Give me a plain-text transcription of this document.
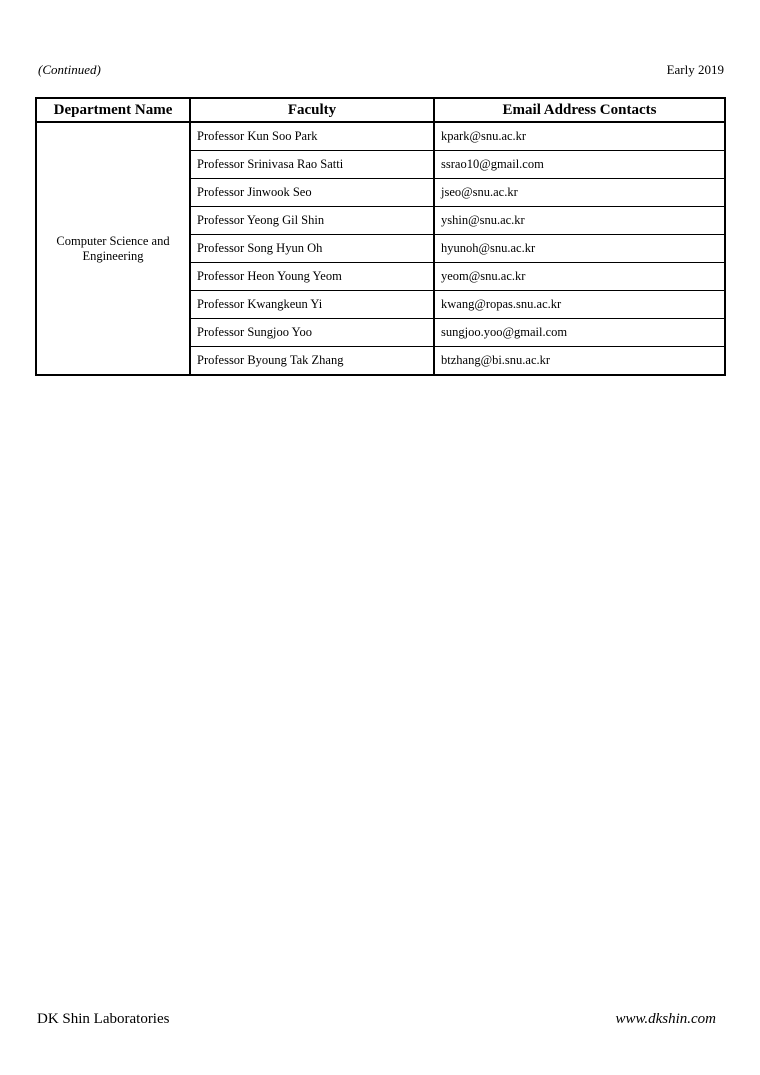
(Continued)	Early 2019
Department Name	Faculty	Email Address Contacts
Computer Science and Engineering	Professor Kun Soo Park	kpark@snu.ac.kr
	Professor Srinivasa Rao Satti	ssrao10@gmail.com
	Professor Jinwook Seo	jseo@snu.ac.kr
	Professor Yeong Gil Shin	yshin@snu.ac.kr
	Professor Song Hyun Oh	hyunoh@snu.ac.kr
	Professor Heon Young Yeom	yeom@snu.ac.kr
	Professor Kwangkeun Yi	kwang@ropas.snu.ac.kr
	Professor Sungjoo Yoo	sungjoo.yoo@gmail.com
	Professor Byoung Tak Zhang	btzhang@bi.snu.ac.kr
DK Shin Laboratories	www.dkshin.com
